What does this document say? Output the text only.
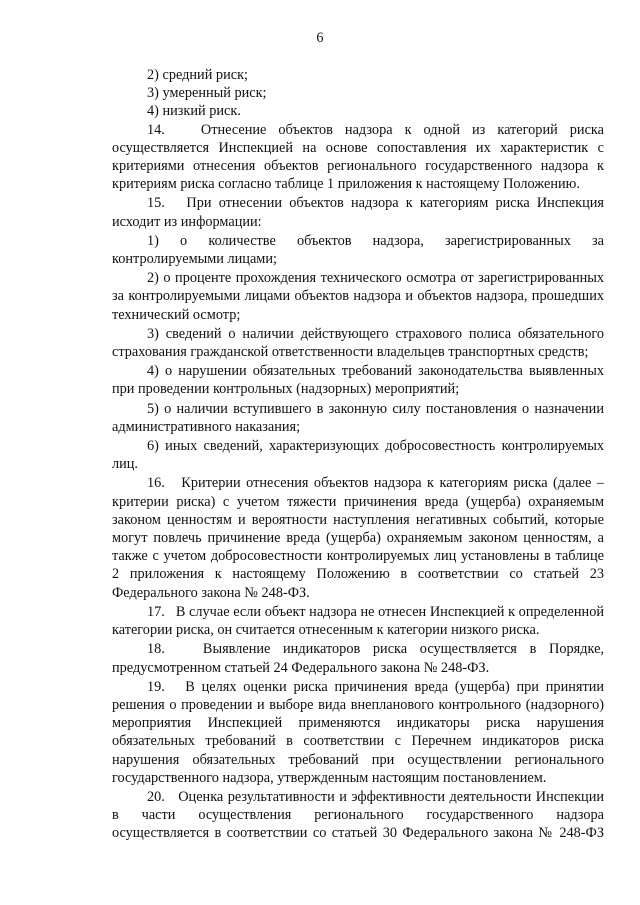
6

2) средний риск;

3) умеренный риск;

4) низкий риск.

14.   Отнесение объектов надзора к одной из категорий риска осуществляется Инспекцией на основе сопоставления их характеристик с критериями отнесения объектов регионального государственного надзора к критериям риска согласно таблице 1 приложения к настоящему Положению.

15.   При отнесении объектов надзора к категориям риска Инспекция исходит из информации:

1) о количестве объектов надзора, зарегистрированных за контролируемыми лицами;

2) о проценте прохождения технического осмотра от зарегистрированных за контролируемыми лицами объектов надзора и объектов надзора, прошедших технический осмотр;

3) сведений о наличии действующего страхового полиса обязательного страхования гражданской ответственности владельцев транспортных средств;

4) о нарушении обязательных требований законодательства выявленных при проведении контрольных (надзорных) мероприятий;

5) о наличии вступившего в законную силу постановления о назначении административного наказания;

6) иных сведений, характеризующих добросовестность контролируемых лиц.

16.   Критерии отнесения объектов надзора к категориям риска (далее – критерии риска) с учетом тяжести причинения вреда (ущерба) охраняемым законом ценностям и вероятности наступления негативных событий, которые могут повлечь причинение вреда (ущерба) охраняемым законом ценностям, а также с учетом добросовестности контролируемых лиц установлены в таблице 2 приложения к настоящему Положению в соответствии со статьей 23 Федерального закона № 248-ФЗ.

17.   В случае если объект надзора не отнесен Инспекцией к определенной категории риска, он считается отнесенным к категории низкого риска.

18.   Выявление индикаторов риска осуществляется в Порядке, предусмотренном статьей 24 Федерального закона № 248-ФЗ.

19.   В целях оценки риска причинения вреда (ущерба) при принятии решения о проведении и выборе вида внепланового контрольного (надзорного) мероприятия Инспекцией применяются индикаторы риска нарушения обязательных требований в соответствии с Перечнем индикаторов риска нарушения обязательных требований при осуществлении регионального государственного надзора, утвержденным настоящим постановлением.

20.   Оценка результативности и эффективности деятельности Инспекции в части осуществления регионального государственного надзора осуществляется в соответствии со статьей 30 Федерального закона № 248-ФЗ
